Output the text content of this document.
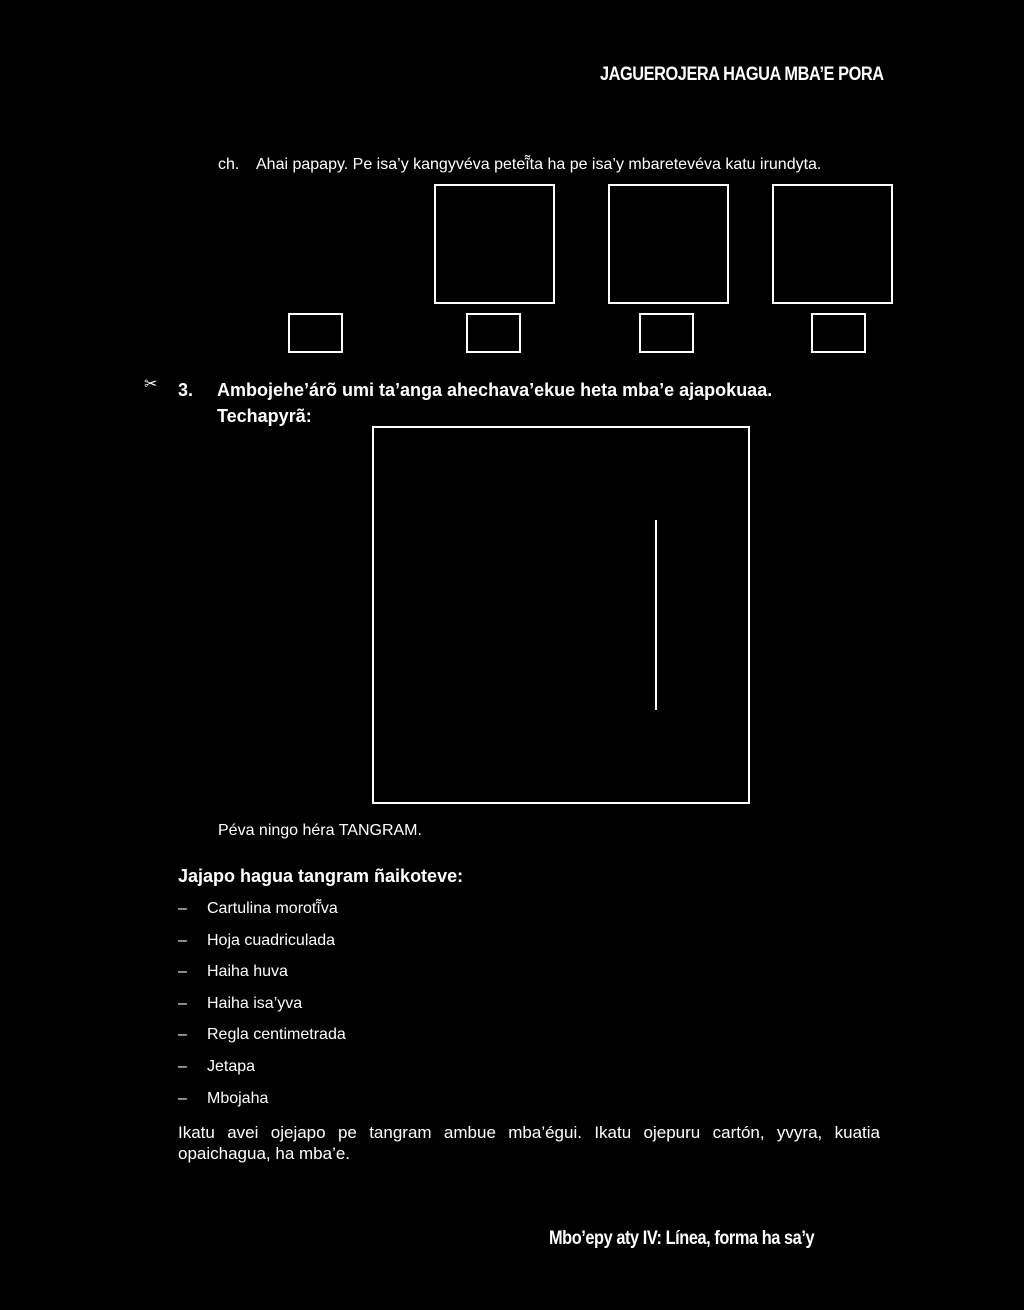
JAGUEROJERA HAGUA MBA’E PORA
ch. Ahai papapy. Pe isa’y kangyvéva peteĩ̃ta ha pe isa’y mbaretevéva katu irundyta.
✂ 3. Ambojehe’árõ umi ta’anga ahechava’ekue heta mba’e ajapokuaa.
Techapyrã:
Péva ningo héra TANGRAM.
Jajapo hagua tangram ñaikoteve:
– Cartulina morotĩ̃va
– Hoja cuadriculada
– Haiha huva
– Haiha isa’yva
– Regla centimetrada
– Jetapa
– Mbojaha
Ikatu avei ojejapo pe tangram ambue mba’égui. Ikatu ojepuru cartón, yvyra, kuatia opaichagua, ha mba’e.
Mbo’epy aty IV: Línea, forma ha sa’y
